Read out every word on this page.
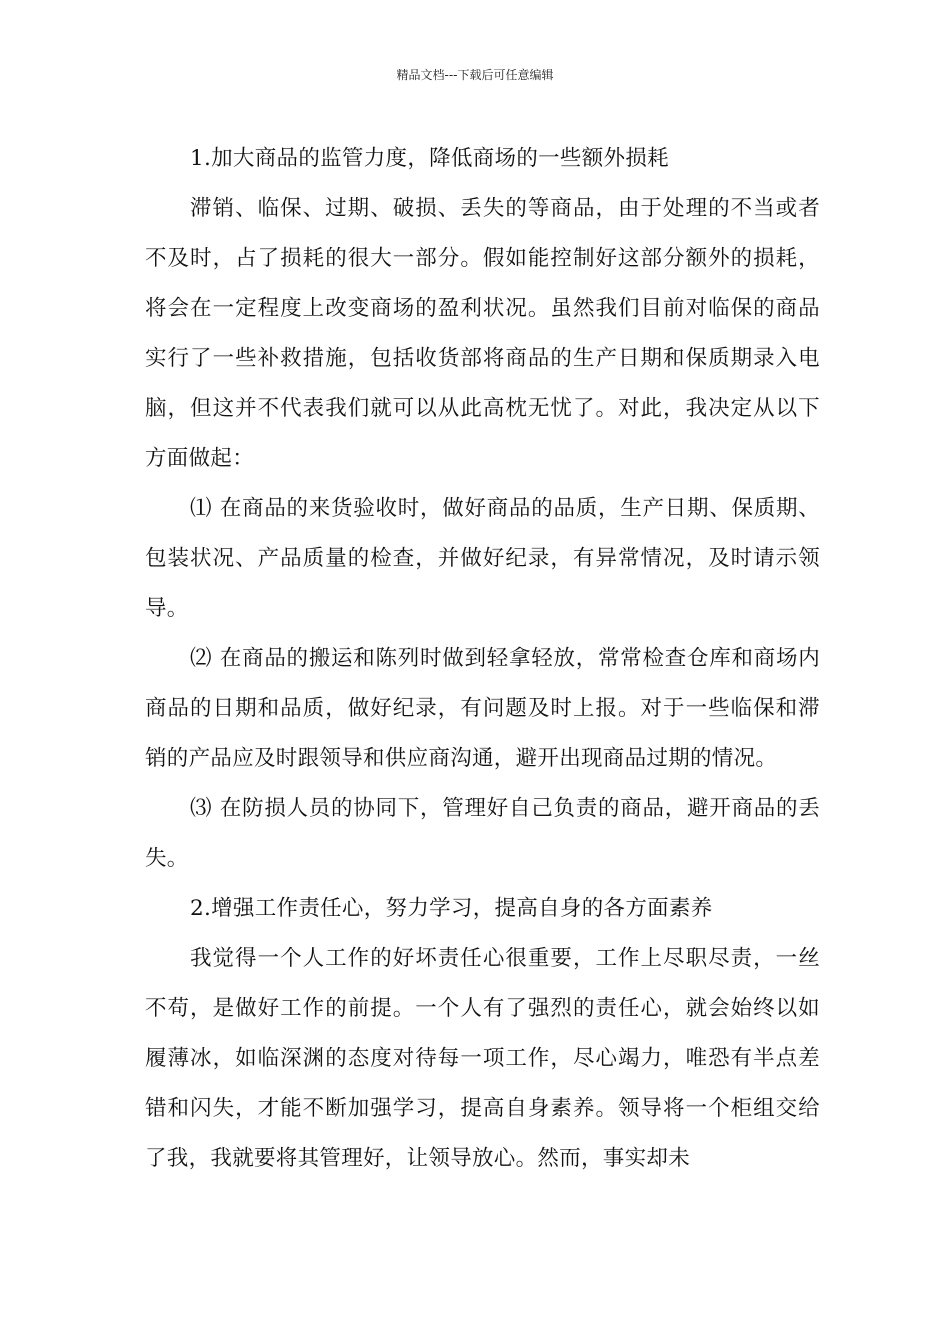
精品文档---下载后可任意编辑

1.加大商品的监管力度，降低商场的一些额外损耗

滞销、临保、过期、破损、丢失的等商品，由于处理的不当或者不及时，占了损耗的很大一部分。假如能控制好这部分额外的损耗，将会在一定程度上改变商场的盈利状况。虽然我们目前对临保的商品实行了一些补救措施，包括收货部将商品的生产日期和保质期录入电脑，但这并不代表我们就可以从此高枕无忧了。对此，我决定从以下方面做起：

⑴ 在商品的来货验收时，做好商品的品质，生产日期、保质期、包装状况、产品质量的检查，并做好纪录，有异常情况，及时请示领导。

⑵ 在商品的搬运和陈列时做到轻拿轻放，常常检查仓库和商场内商品的日期和品质，做好纪录，有问题及时上报。对于一些临保和滞销的产品应及时跟领导和供应商沟通，避开出现商品过期的情况。

⑶ 在防损人员的协同下，管理好自己负责的商品，避开商品的丢失。

2.增强工作责任心，努力学习，提高自身的各方面素养

我觉得一个人工作的好坏责任心很重要，工作上尽职尽责，一丝不苟，是做好工作的前提。一个人有了强烈的责任心，就会始终以如履薄冰，如临深渊的态度对待每一项工作，尽心竭力，唯恐有半点差错和闪失，才能不断加强学习，提高自身素养。领导将一个柜组交给了我，我就要将其管理好，让领导放心。然而，事实却未
